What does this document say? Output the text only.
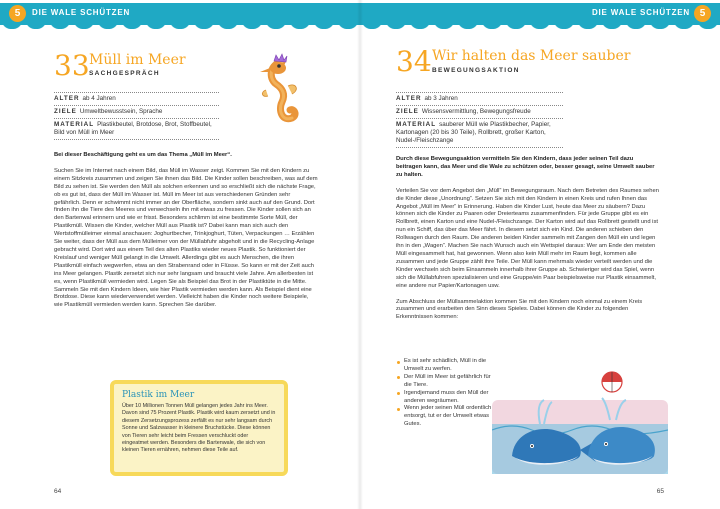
5	DIE WALE SCHÜTZEN
33 Müll im Meer
SACHGESPRÄCH
ALTER ab 4 Jahren
ZIELE Umweltbewusstsein, Sprache
MATERIAL Plastikbeutel, Brotdose, Brot, Stoffbeutel, Bild von Müll im Meer

Bei dieser Beschäftigung geht es um das Thema „Müll im Meer“.

Suchen Sie im Internet nach einem Bild, das Müll im Wasser zeigt. Kommen Sie mit den Kindern zu einem Sitzkreis zusammen und zeigen Sie ihnen das Bild. Die Kinder sollen beschreiben, was auf dem Bild zu sehen ist. Sie werden den Müll als solchen erkennen und so erschließt sich die nächste Frage, ob es gut ist, dass der Müll im Wasser ist. Müll im Meer ist aus verschiedenen Gründen sehr gefährlich. Denn er schwimmt nicht immer an der Oberfläche, sondern sinkt auch auf den Grund. Dort finden ihn die Tiere des Meeres und verwechseln ihn mit etwas zu fressen. Die Kinder sollen sich an den Bartenwal erinnern und wie er frisst. Besonders schlimm ist eine bestimmte Sorte Müll, der Plastikmüll. Wissen die Kinder, welcher Müll aus Plastik ist? Dabei kann man sich auch den Wertstoffmülleimer einmal anschauen: Joghurtbecher, Trinkjoghurt, Tüten, Verpackungen … Erzählen Sie weiter, dass der Müll aus dem Mülleimer von der Müllabfuhr abgeholt und in die Recycling-Anlage gebracht wird. Dort wird aus einem Teil des alten Plastiks wieder neues Plastik. So funktioniert der Kreislauf und weniger Müll gelangt in die Umwelt. Allerdings gibt es auch Menschen, die ihren Plastikmüll einfach wegwerfen, etwa an den Strabenrand oder in Flüsse. So kann er mit der Zeit auch ins Meer gelangen. Plastik zersetzt sich nur sehr langsam und braucht viele Jahre. Am allerbesten ist es, wenn Plastikmüll vermieden wird. Legen Sie als Beispiel das Brot in der Plastiktüte in die Mitte. Sammeln Sie mit den Kindern Ideen, wie hier Plastik vermieden werden kann. Als Beispiel dient eine Brotdose. Diese kann wiederverwendet werden. Vielleicht haben die Kinder noch weitere Beispiele, wie Plastikmüll vermieden werden kann. Sprechen Sie darüber.

Plastik im Meer
Über 10 Millionen Tonnen Müll gelangen jedes Jahr ins Meer. Davon sind 75 Prozent Plastik. Plastik wird kaum zersetzt und in diesem Zersetzungsprozess zerfällt es nur sehr langsam durch Sonne und Salzwasser in kleinere Bruchstücke. Diese können von Tieren sehr leicht beim Fressen verschluckt oder eingeatmet werden. Besonders die Bartenwale, die sich von kleinen Tieren ernähren, nehmen diese Teile auf.
64
DIE WALE SCHÜTZEN 5
34 Wir halten das Meer sauber
BEWEGUNGSAKTION
ALTER ab 3 Jahren
ZIELE Wissensvermittlung, Bewegungsfreude
MATERIAL sauberer Müll wie Plastikbecher, Papier, Kartonagen (20 bis 30 Teile), Rollbrett, großer Karton, Nudel-/Fleischzange

Durch diese Bewegungsaktion vermitteln Sie den Kindern, dass jeder seinen Teil dazu beitragen kann, das Meer und die Wale zu schützen oder, besser gesagt, seine Umwelt sauber zu halten.

Verteilen Sie vor dem Angebot den „Müll“ im Bewegungsraum. Nach dem Betreten des Raumes sehen die Kinder diese „Unordnung“. Setzen Sie sich mit den Kindern in einen Kreis und rufen Ihnen das Angebot „Müll im Meer“ in Erinnerung. Haben die Kinder Lust, heute das Meer zu säubern? Dazu können sich die Kinder zu Paaren oder Dreierteams zusammenfinden. Für jede Gruppe gibt es ein Rollbrett, einen Karton und eine Nudel-/Fleischzange. Der Karton wird auf das Rollbrett gestellt und ist nun ein Schiff, das über das Meer fährt. In diesem setzt sich ein Kind. Die anderen schieben den Rollwagen durch den Raum. Die anderen beiden Kinder sammeln mit Zangen den Müll ein und legen ihn in den „Wagen“. Machen Sie nach Wunsch auch ein Wettspiel daraus: Wer am Ende den meisten Müll eingesammelt hat, hat gewonnen. Wenn also kein Müll mehr im Raum liegt, kommen alle zusammen und jede Gruppe zählt ihre Teile. Der Müll kann mehrmals wieder verteilt werden und die Kinder wechseln sich beim Einsammeln innerhalb ihrer Gruppe ab. Schwieriger wird das Spiel, wenn sich die Müllabfuhren spezialisieren und eine Gruppe/ein Paar beispielsweise nur Plastik einsammelt, eine andere nur Papier/Kartonagen usw.

Zum Abschluss der Müllsammelaktion kommen Sie mit den Kindern noch einmal zu einem Kreis zusammen und erarbeiten den Sinn dieses Spieles. Dabei können die Kinder zu folgenden Erkenntnissen kommen:

Es ist sehr schädlich, Müll in die Umwelt zu werfen.
Der Müll im Meer ist gefährlich für die Tiere.
Irgendjemand muss den Müll der anderen wegräumen.
Wenn jeder seinen Müll ordentlich entsorgt, tut er der Umwelt etwas Gutes.
65
